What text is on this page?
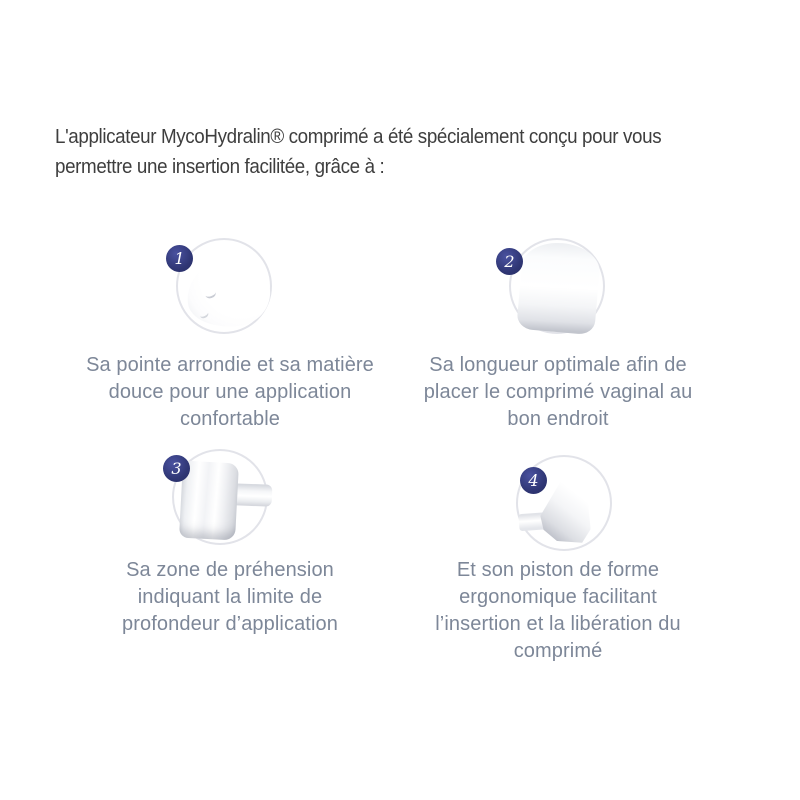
L'applicateur MycoHydralin® comprimé a été spécialement conçu pour vous
permettre une insertion facilitée, grâce à :

1	2
3
4
Sa pointe arrondie et sa matière
douce pour une application
confortable
Sa longueur optimale afin de
placer le comprimé vaginal au
bon endroit
Sa zone de préhension
indiquant la limite de
profondeur d’application
Et son piston de forme
ergonomique facilitant
l’insertion et la libération du
comprimé
